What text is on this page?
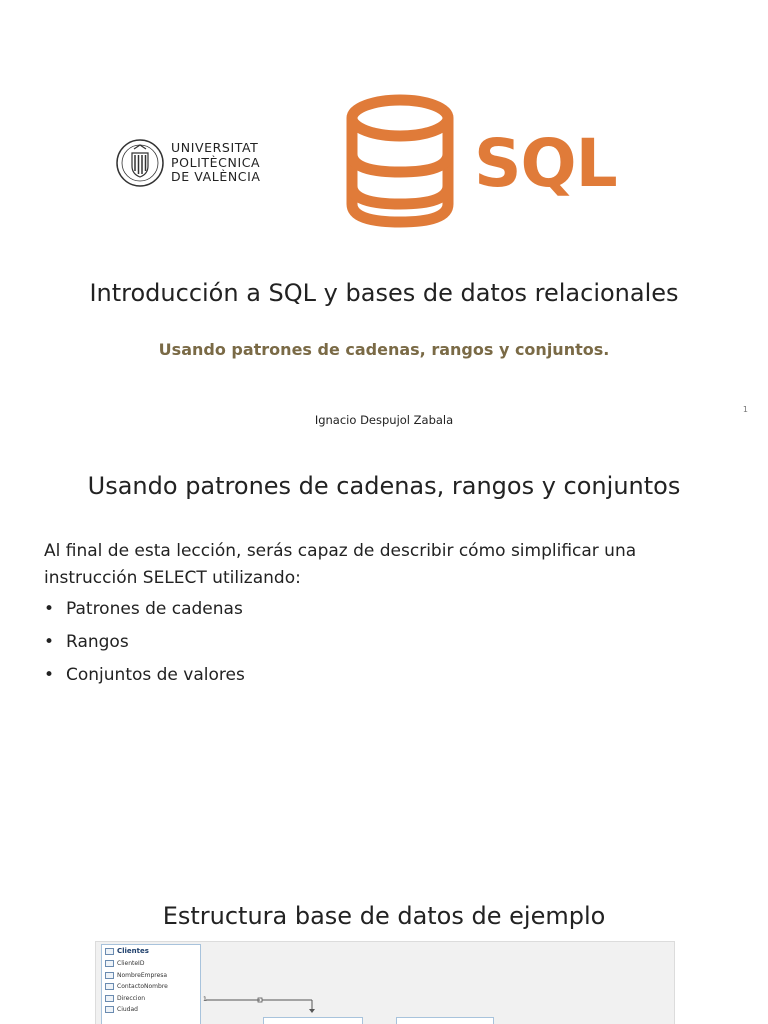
UNIVERSITAT
POLITÈCNICA
DE VALÈNCIA	SQL
Introducción a SQL y bases de datos relacionales
Usando patrones de cadenas, rangos y conjuntos.
Ignacio Despujol Zabala
1
Usando patrones de cadenas, rangos y conjuntos
Al final de esta lección, serás capaz de describir cómo simplificar una instrucción SELECT utilizando:
• Patrones de cadenas
• Rangos
• Conjuntos de valores
Estructura base de datos de ejemplo
Clientes
ClienteID
NombreEmpresa
ContactoNombre
Direccion
Ciudad
1
